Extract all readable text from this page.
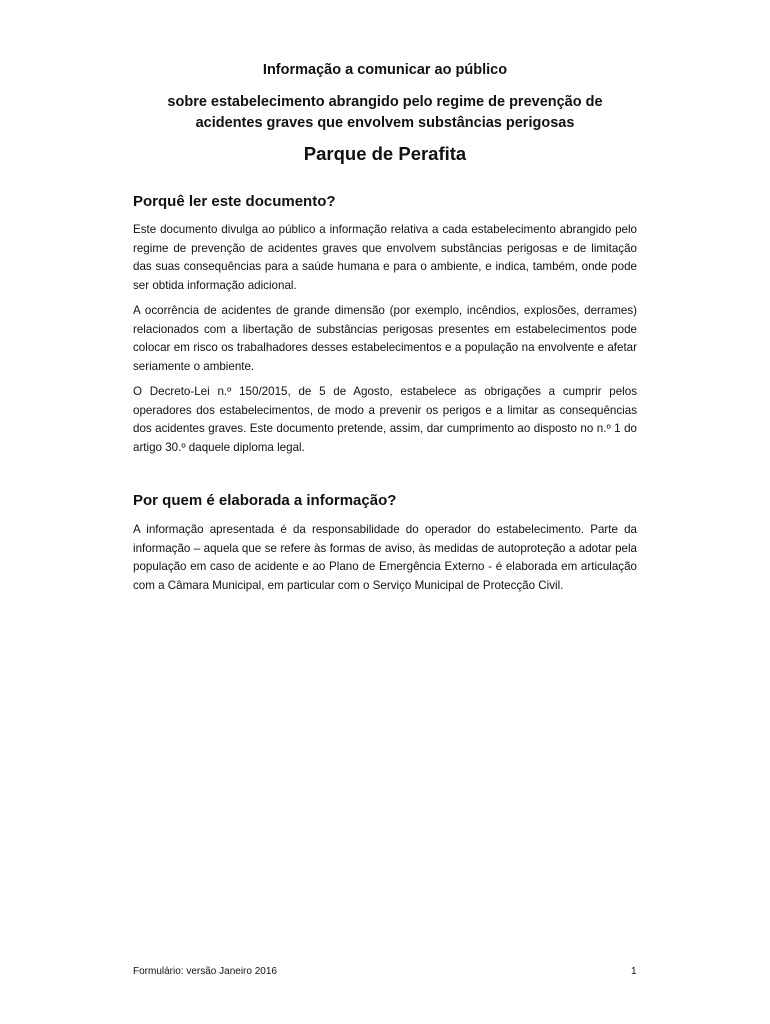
Informação a comunicar ao público
sobre estabelecimento abrangido pelo regime de prevenção de acidentes graves que envolvem substâncias perigosas
Parque de Perafita
Porquê ler este documento?

Este documento divulga ao público a informação relativa a cada estabelecimento abrangido pelo regime de prevenção de acidentes graves que envolvem substâncias perigosas e de limitação das suas consequências para a saúde humana e para o ambiente, e indica, também, onde pode ser obtida informação adicional.

A ocorrência de acidentes de grande dimensão (por exemplo, incêndios, explosões, derrames) relacionados com a libertação de substâncias perigosas presentes em estabelecimentos pode colocar em risco os trabalhadores desses estabelecimentos e a população na envolvente e afetar seriamente o ambiente.

O Decreto-Lei n.º 150/2015, de 5 de Agosto, estabelece as obrigações a cumprir pelos operadores dos estabelecimentos, de modo a prevenir os perigos e a limitar as consequências dos acidentes graves. Este documento pretende, assim, dar cumprimento ao disposto no n.º 1 do artigo 30.º daquele diploma legal.

Por quem é elaborada a informação?

A informação apresentada é da responsabilidade do operador do estabelecimento. Parte da informação – aquela que se refere às formas de aviso, às medidas de autoproteção a adotar pela população em caso de acidente e ao Plano de Emergência Externo - é elaborada em articulação com a Câmara Municipal, em particular com o Serviço Municipal de Protecção Civil.

Formulário: versão Janeiro 2016	1
